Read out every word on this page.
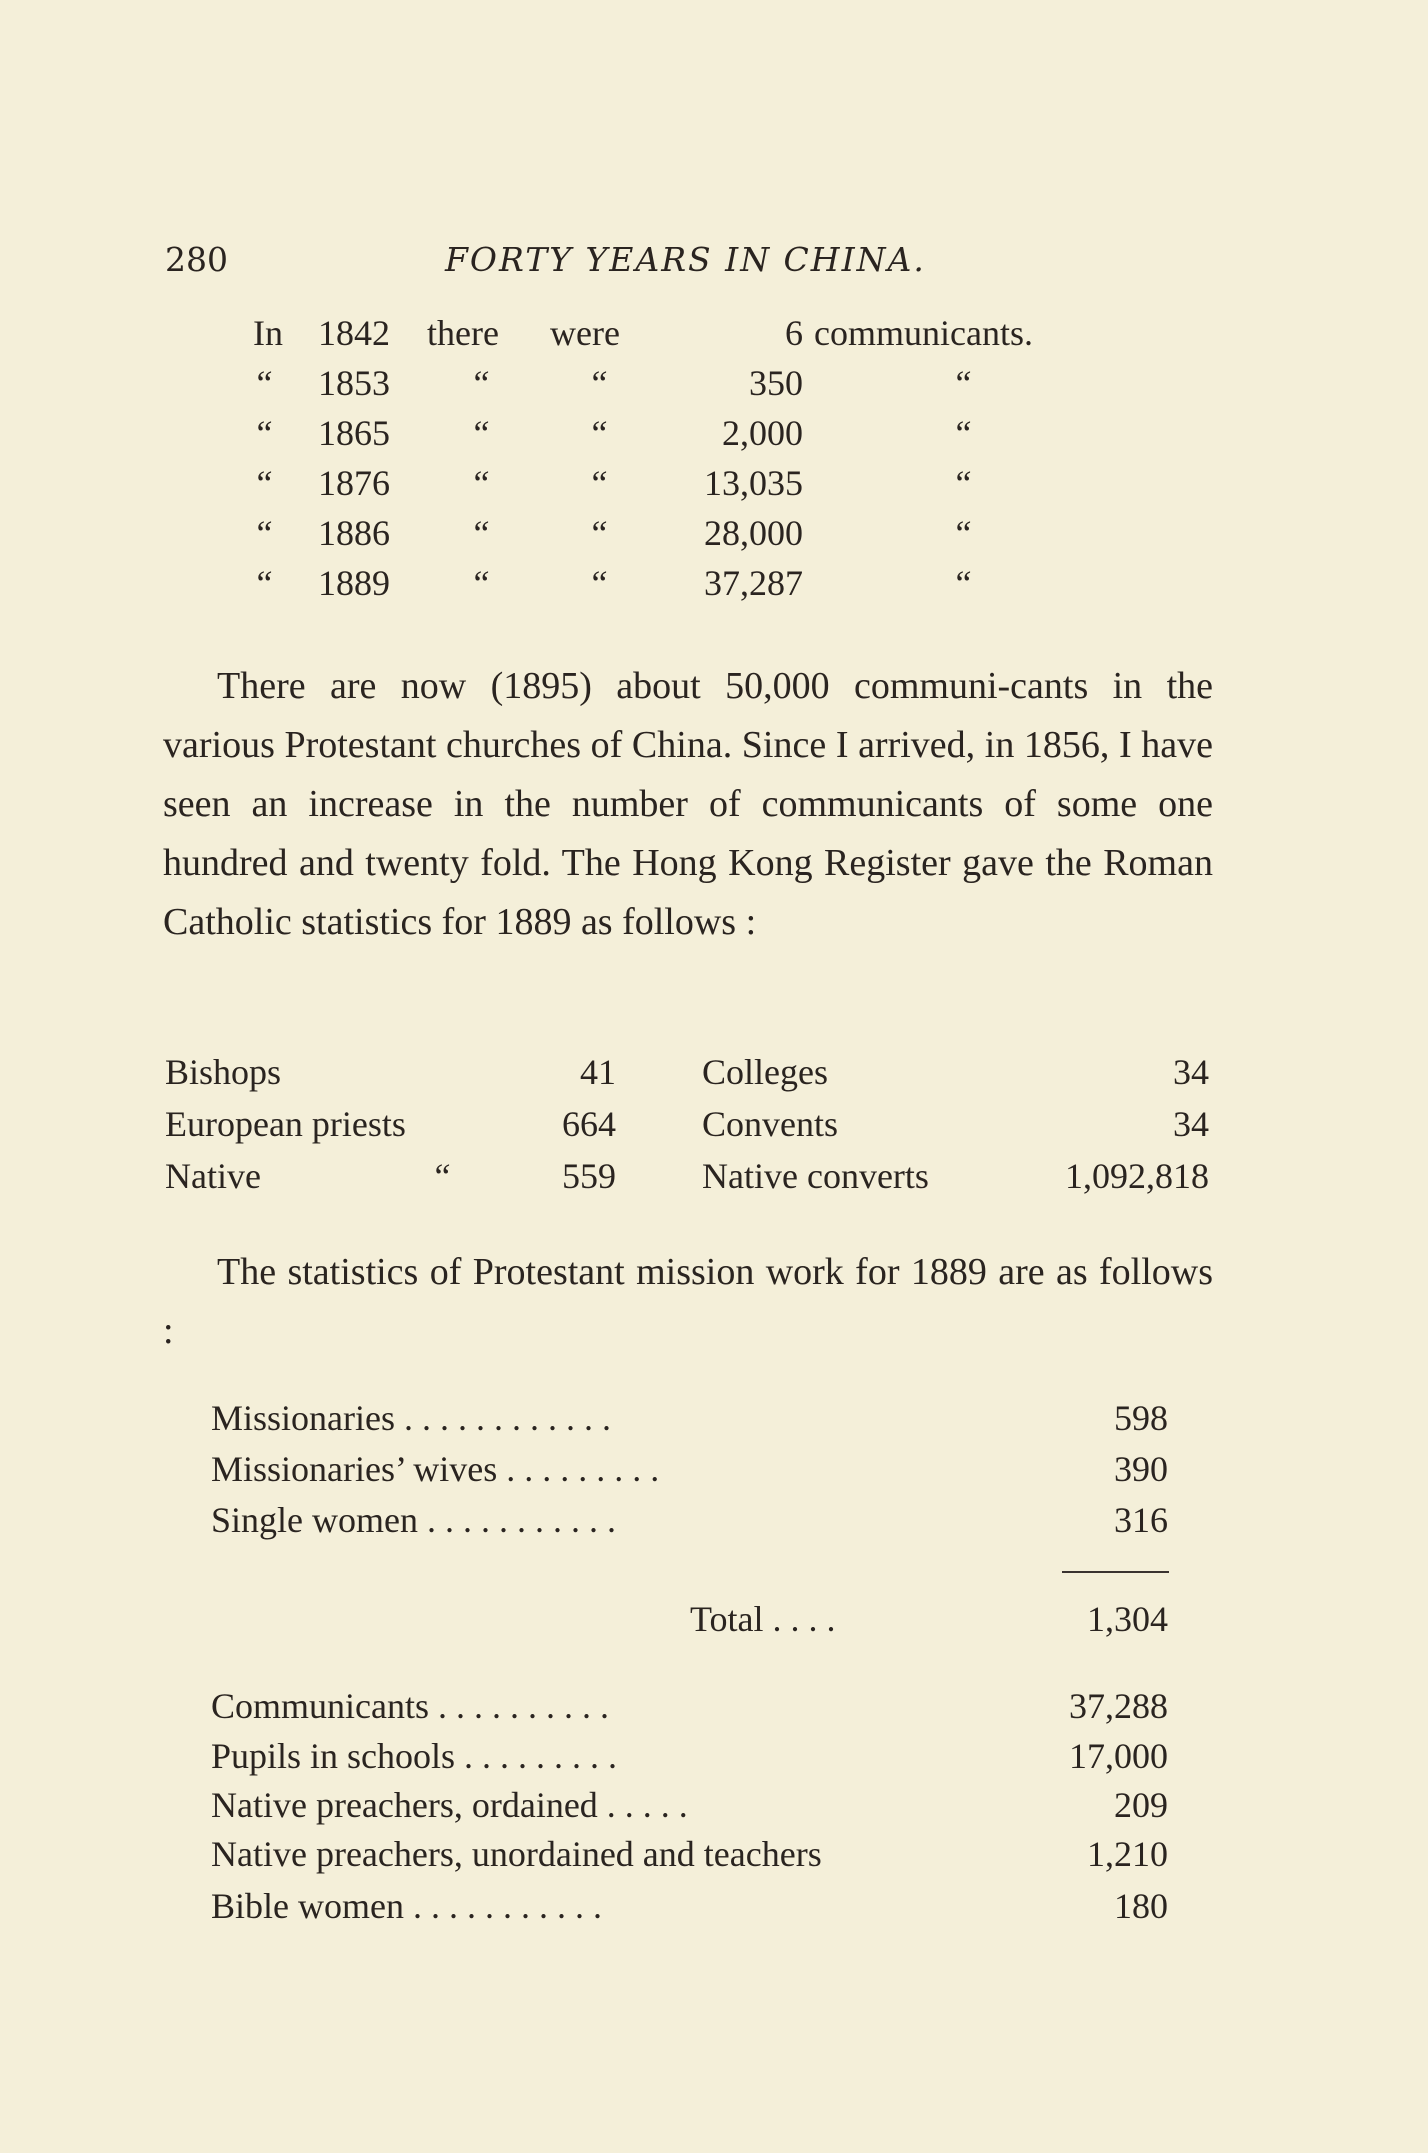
280	FORTY YEARS IN CHINA.
In 1842 there were	6 communicants.
“ 1853 “	“	350	“
“ 1865 “	“	2,000	“
“ 1876 “	“	13,035	“
“ 1886 “	“	28,000	“
“ 1889 “	“	37,287	“

There are now (1895) about 50,000 communi-cants in the various Protestant churches of China. Since I arrived, in 1856, I have seen an increase in the number of communicants of some one hundred and twenty fold. The Hong Kong Register gave the Roman Catholic statistics for 1889 as follows :

Bishops	41 Colleges	34
European priests	664 Convents	34
Native	“	559 Native converts	1,092,818

The statistics of Protestant mission work for 1889 are as follows :

Missionaries . . . . . . . . . . . .	598
Missionaries’ wives . . . . . . . . .	390
Single women . . . . . . . . . . .	316
Total . . . .	1,304
Communicants . . . . . . . . . .	37,288
Pupils in schools . . . . . . . . .	17,000
Native preachers, ordained . . . . .	209
Native preachers, unordained and teachers	1,210
Bible women . . . . . . . . . . .	180
